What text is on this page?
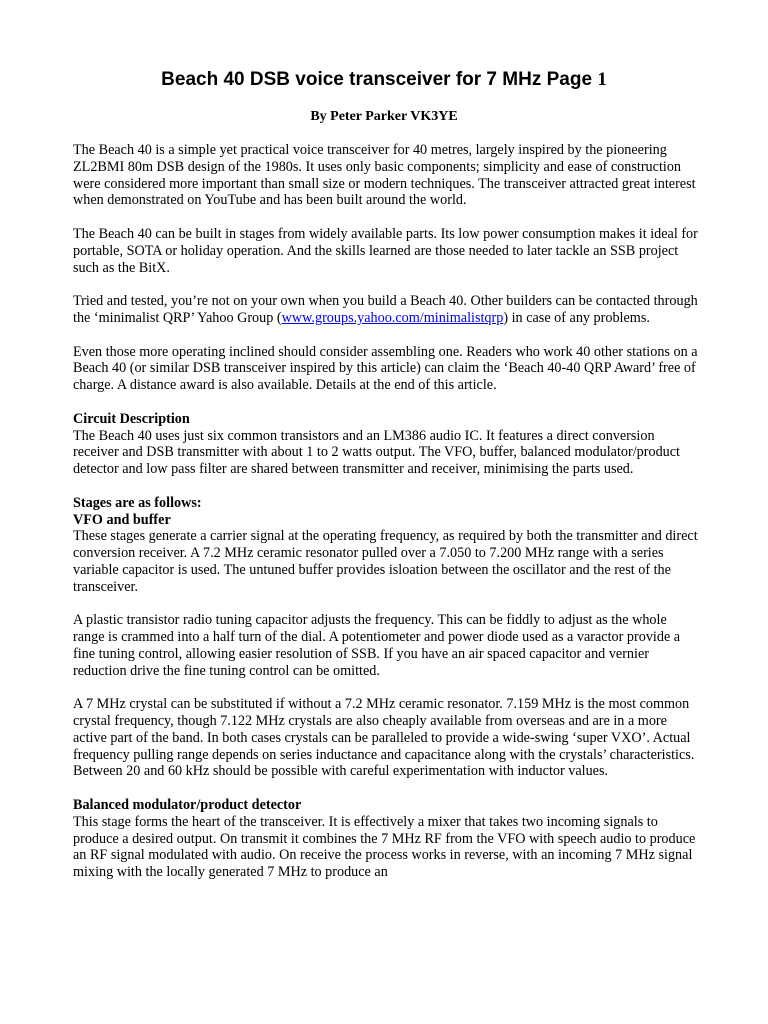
Beach 40 DSB voice transceiver for 7 MHz Page 1
By Peter Parker VK3YE

The Beach 40 is a simple yet practical voice transceiver for 40 metres, largely inspired by the pioneering ZL2BMI 80m DSB design of the 1980s. It uses only basic components; simplicity and ease of construction were considered more important than small size or modern techniques. The transceiver attracted great interest when demonstrated on YouTube and has been built around the world.

The Beach 40 can be built in stages from widely available parts. Its low power consumption makes it ideal for portable, SOTA or holiday operation. And the skills learned are those needed to later tackle an SSB project such as the BitX.

Tried and tested, you’re not on your own when you build a Beach 40. Other builders can be contacted through the ‘minimalist QRP’ Yahoo Group (www.groups.yahoo.com/minimalistqrp) in case of any problems.

Even those more operating inclined should consider assembling one. Readers who work 40 other stations on a Beach 40 (or similar DSB transceiver inspired by this article) can claim the ‘Beach 40-40 QRP Award’ free of charge. A distance award is also available. Details at the end of this article.

Circuit Description

The Beach 40 uses just six common transistors and an LM386 audio IC. It features a direct conversion receiver and DSB transmitter with about 1 to 2 watts output. The VFO, buffer, balanced modulator/product detector and low pass filter are shared between transmitter and receiver, minimising the parts used.

Stages are as follows:
VFO and buffer

These stages generate a carrier signal at the operating frequency, as required by both the transmitter and direct conversion receiver. A 7.2 MHz ceramic resonator pulled over a 7.050 to 7.200 MHz range with a series variable capacitor is used. The untuned buffer provides isloation between the oscillator and the rest of the transceiver.

A plastic transistor radio tuning capacitor adjusts the frequency. This can be fiddly to adjust as the whole range is crammed into a half turn of the dial. A potentiometer and power diode used as a varactor provide a fine tuning control, allowing easier resolution of SSB. If you have an air spaced capacitor and vernier reduction drive the fine tuning control can be omitted.

A 7 MHz crystal can be substituted if without a 7.2 MHz ceramic resonator. 7.159 MHz is the most common crystal frequency, though 7.122 MHz crystals are also cheaply available from overseas and are in a more active part of the band. In both cases crystals can be paralleled to provide a wide-swing ‘super VXO’. Actual frequency pulling range depends on series inductance and capacitance along with the crystals’ characteristics. Between 20 and 60 kHz should be possible with careful experimentation with inductor values.

Balanced modulator/product detector

This stage forms the heart of the transceiver. It is effectively a mixer that takes two incoming signals to produce a desired output. On transmit it combines the 7 MHz RF from the VFO with speech audio to produce an RF signal modulated with audio. On receive the process works in reverse, with an incoming 7 MHz signal mixing with the locally generated 7 MHz to produce an
